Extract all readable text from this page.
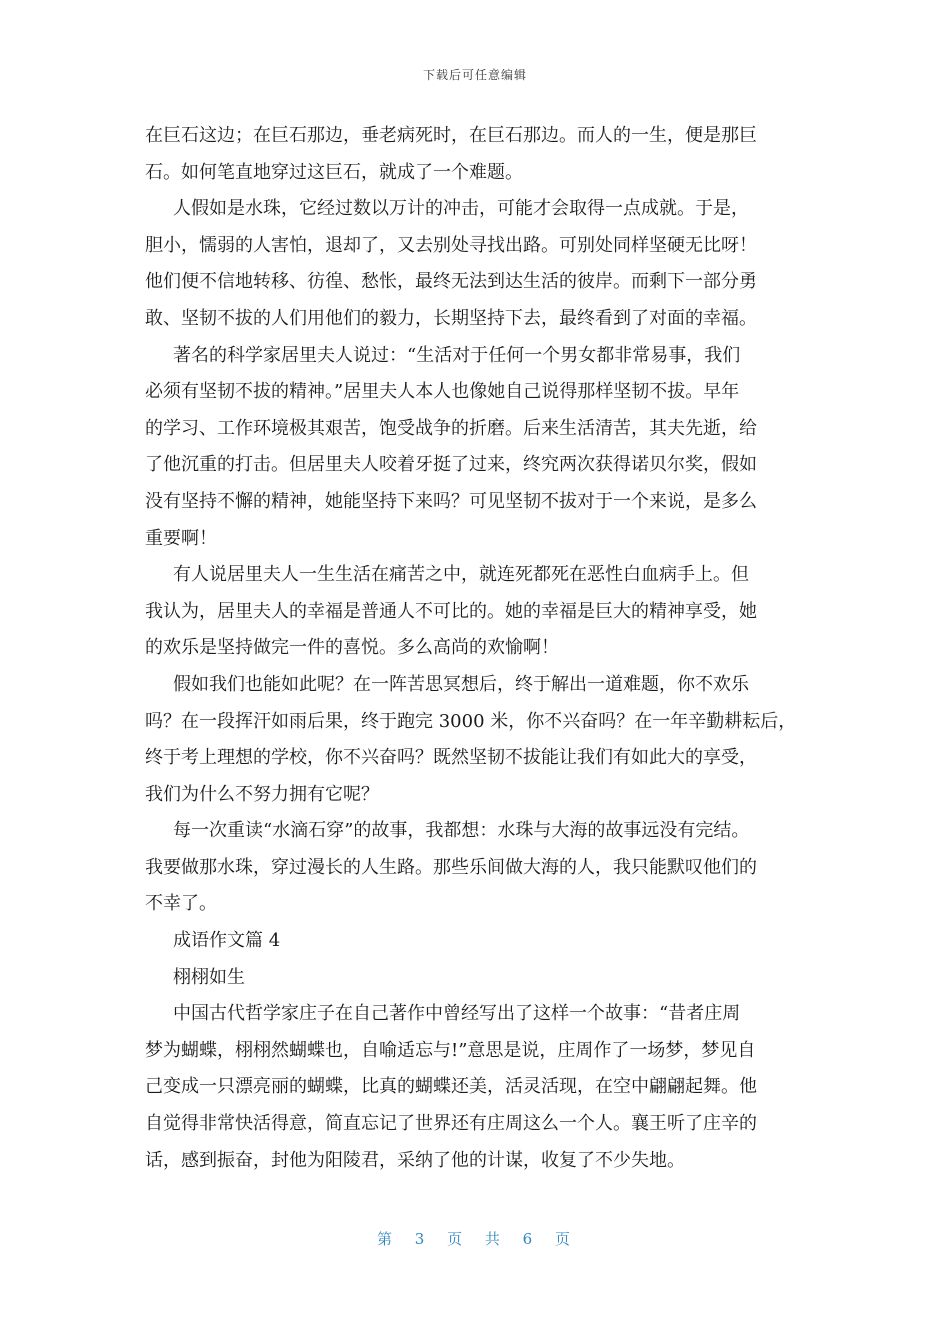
下载后可任意编辑
在巨石这边；在巨石那边，垂老病死时，在巨石那边。而人的一生，便是那巨
石。如何笔直地穿过这巨石，就成了一个难题。
人假如是水珠，它经过数以万计的冲击，可能才会取得一点成就。于是，
胆小，懦弱的人害怕，退却了，又去别处寻找出路。可别处同样坚硬无比呀！
他们便不信地转移、彷徨、愁怅，最终无法到达生活的彼岸。而剩下一部分勇
敢、坚韧不拔的人们用他们的毅力，长期坚持下去，最终看到了对面的幸福。
著名的科学家居里夫人说过：“生活对于任何一个男女都非常易事，我们
必须有坚韧不拔的精神。”居里夫人本人也像她自己说得那样坚韧不拔。早年
的学习、工作环境极其艰苦，饱受战争的折磨。后来生活清苦，其夫先逝，给
了他沉重的打击。但居里夫人咬着牙挺了过来，终究两次获得诺贝尔奖，假如
没有坚持不懈的精神，她能坚持下来吗？可见坚韧不拔对于一个来说，是多么
重要啊！
有人说居里夫人一生生活在痛苦之中，就连死都死在恶性白血病手上。但
我认为，居里夫人的幸福是普通人不可比的。她的幸福是巨大的精神享受，她
的欢乐是坚持做完一件的喜悦。多么高尚的欢愉啊！
假如我们也能如此呢？在一阵苦思冥想后，终于解出一道难题，你不欢乐
吗？在一段挥汗如雨后果，终于跑完 3000 米，你不兴奋吗？在一年辛勤耕耘后，
终于考上理想的学校，你不兴奋吗？既然坚韧不拔能让我们有如此大的享受，
我们为什么不努力拥有它呢？
每一次重读“水滴石穿”的故事，我都想：水珠与大海的故事远没有完结。
我要做那水珠，穿过漫长的人生路。那些乐间做大海的人，我只能默叹他们的
不幸了。
成语作文篇 4
栩栩如生
中国古代哲学家庄子在自己著作中曾经写出了这样一个故事：“昔者庄周
梦为蝴蝶，栩栩然蝴蝶也，自喻适忘与!”意思是说，庄周作了一场梦，梦见自
己变成一只漂亮丽的蝴蝶，比真的蝴蝶还美，活灵活现，在空中翩翩起舞。他
自觉得非常快活得意，简直忘记了世界还有庄周这么一个人。襄王听了庄辛的
话，感到振奋，封他为阳陵君，采纳了他的计谋，收复了不少失地。
第 3 页 共 6 页
